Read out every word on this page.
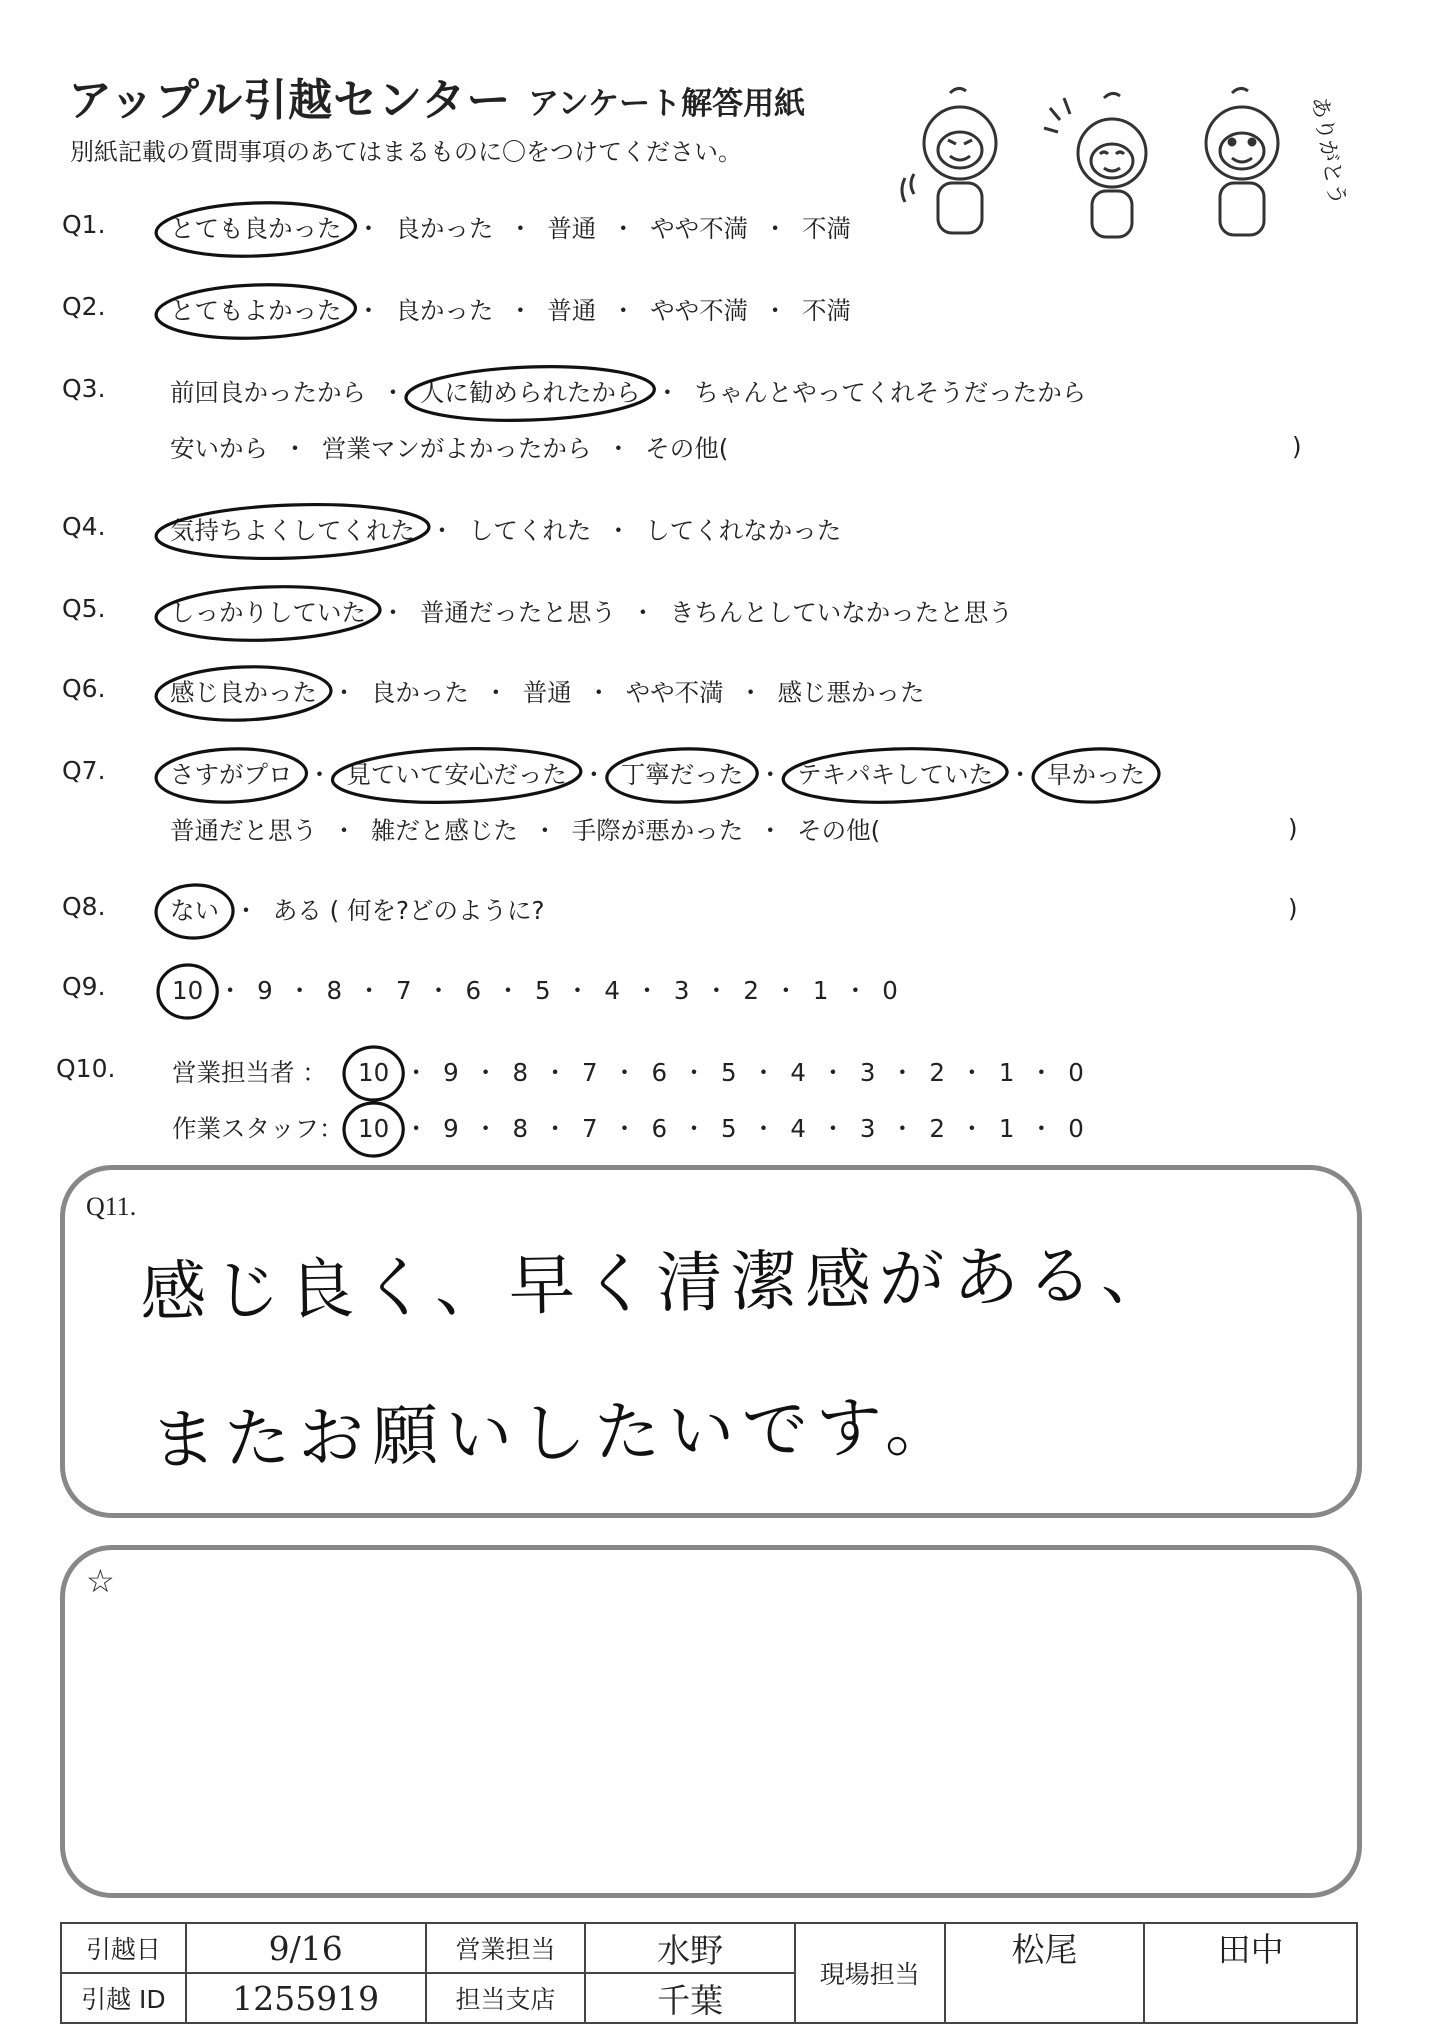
アップル引越センター アンケート解答用紙
別紙記載の質問事項のあてはまるものに〇をつけてください。	ありがとう
Q1.	とても良かった ・ 良かった ・ 普通 ・ やや不満 ・ 不満
Q2.	とてもよかった ・ 良かった ・ 普通 ・ やや不満 ・ 不満
Q3.	前回良かったから ・ 人に勧められたから ・ ちゃんとやってくれそうだったから
安いから ・ 営業マンがよかったから ・ その他(	)
Q4.	気持ちよくしてくれた ・ してくれた ・ してくれなかった
Q5.	しっかりしていた ・ 普通だったと思う ・ きちんとしていなかったと思う
Q6.	感じ良かった ・ 良かった ・ 普通 ・ やや不満 ・ 感じ悪かった
Q7.	さすがプロ ・ 見ていて安心だった ・ 丁寧だった ・ テキパキしていた ・ 早かった
普通だと思う ・ 雑だと感じた ・ 手際が悪かった ・ その他(	)
Q8.	ない ・ ある ( 何を?どのように?	)
Q9.	10 ・ 9 ・ 8 ・ 7 ・ 6 ・ 5 ・ 4 ・ 3 ・ 2 ・ 1 ・ 0
Q10. 営業担当者 ： 10 ・ 9 ・ 8 ・ 7 ・ 6 ・ 5 ・ 4 ・ 3 ・ 2 ・ 1 ・ 0
作業スタッフ： 10 ・ 9 ・ 8 ・ 7 ・ 6 ・ 5 ・ 4 ・ 3 ・ 2 ・ 1 ・ 0
Q11.
感じ良く、早く清潔感がある、
またお願いしたいです。
☆
引越日	9/16	営業担当	水野	現場担当	松尾	田中
引越 ID	1255919	担当支店	千葉			
